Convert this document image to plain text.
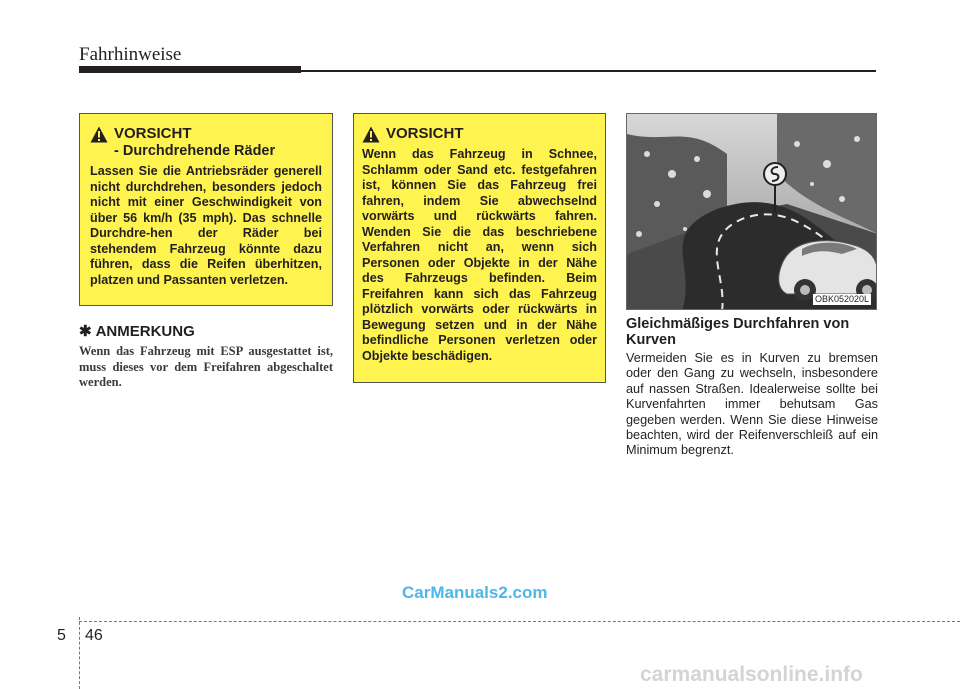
Fahrhinweise
VORSICHT
- Durchdrehende Räder
Lassen Sie die Antriebsräder generell nicht durchdrehen, besonders jedoch nicht mit einer Geschwindigkeit von über 56 km/h (35 mph). Das schnelle Durchdre-hen der Räder bei stehendem Fahrzeug könnte dazu führen, dass die Reifen überhitzen, platzen und Passanten verletzen.
✱ ANMERKUNG
Wenn das Fahrzeug mit ESP ausgestattet ist, muss dieses vor dem Freifahren abgeschaltet werden.
VORSICHT
Wenn das Fahrzeug in Schnee, Schlamm oder Sand etc. festgefahren ist, können Sie das Fahrzeug frei fahren, indem Sie abwechselnd vorwärts und rückwärts fahren. Wenden Sie die das beschriebene Verfahren nicht an, wenn sich Personen oder Objekte in der Nähe des Fahrzeugs befinden. Beim Freifahren kann sich das Fahrzeug plötzlich vorwärts oder rückwärts in Bewegung setzen und in der Nähe befindliche Personen verletzen oder Objekte beschädigen.
OBK052020L
Gleichmäßiges Durchfahren von Kurven
Vermeiden Sie es in Kurven zu bremsen oder den Gang zu wechseln, insbesondere auf nassen Straßen. Idealerweise sollte bei Kurvenfahrten immer behutsam Gas gegeben werden. Wenn Sie diese Hinweise beachten, wird der Reifenverschleiß auf ein Minimum begrenzt.
CarManuals2.com
5 46
carmanualsonline.info
